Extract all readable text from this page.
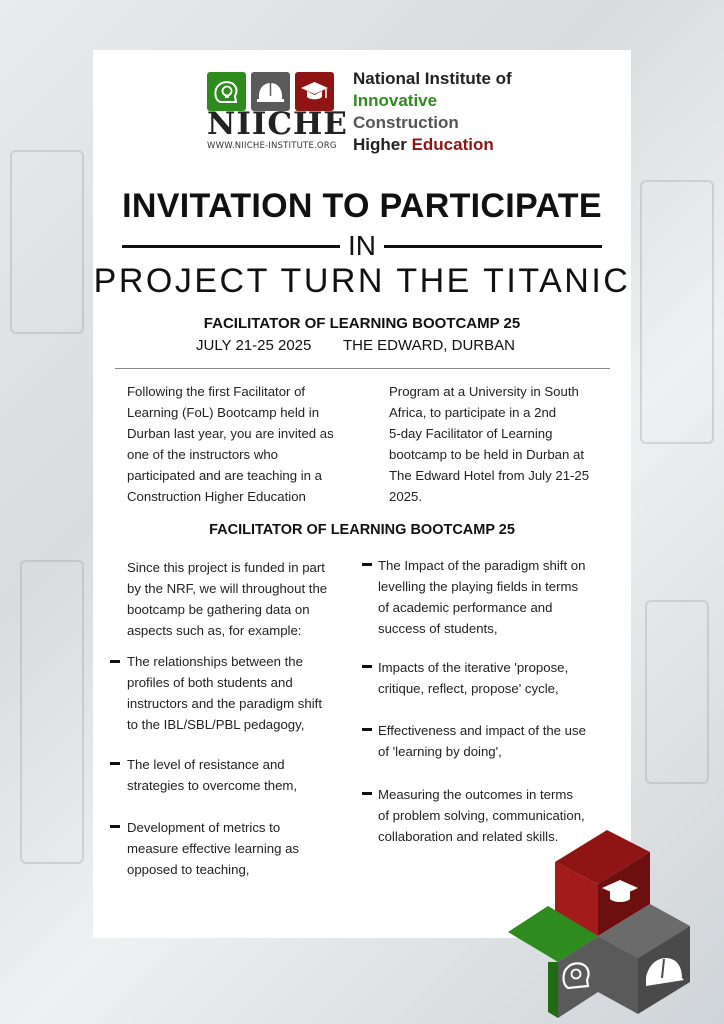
NIICHE
WWW.NIICHE-INSTITUTE.ORG
National Institute of
Innovative
Construction
Higher Education
INVITATION TO PARTICIPATE
IN
PROJECT TURN THE TITANIC
FACILITATOR OF LEARNING BOOTCAMP 25
JULY 21-25 2025 THE EDWARD, DURBAN
Following the first Facilitator of
Learning (FoL) Bootcamp held in
Durban last year, you are invited as
one of the instructors who
participated and are teaching in a
Construction Higher Education
Program at a University in South
Africa, to participate in a 2nd
5-day Facilitator of Learning
bootcamp to be held in Durban at
The Edward Hotel from July 21-25
2025.
FACILITATOR OF LEARNING BOOTCAMP 25
Since this project is funded in part
by the NRF, we will throughout the
bootcamp be gathering data on
aspects such as, for example:
The relationships between the
profiles of both students and
instructors and the paradigm shift
to the IBL/SBL/PBL pedagogy,
The level of resistance and
strategies to overcome them,
Development of metrics to
measure effective learning as
opposed to teaching,
The Impact of the paradigm shift on
levelling the playing fields in terms
of academic performance and
success of students,
Impacts of the iterative 'propose,
critique, reflect, propose' cycle,
Effectiveness and impact of the use
of 'learning by doing',
Measuring the outcomes in terms
of problem solving, communication,
collaboration and related skills.
